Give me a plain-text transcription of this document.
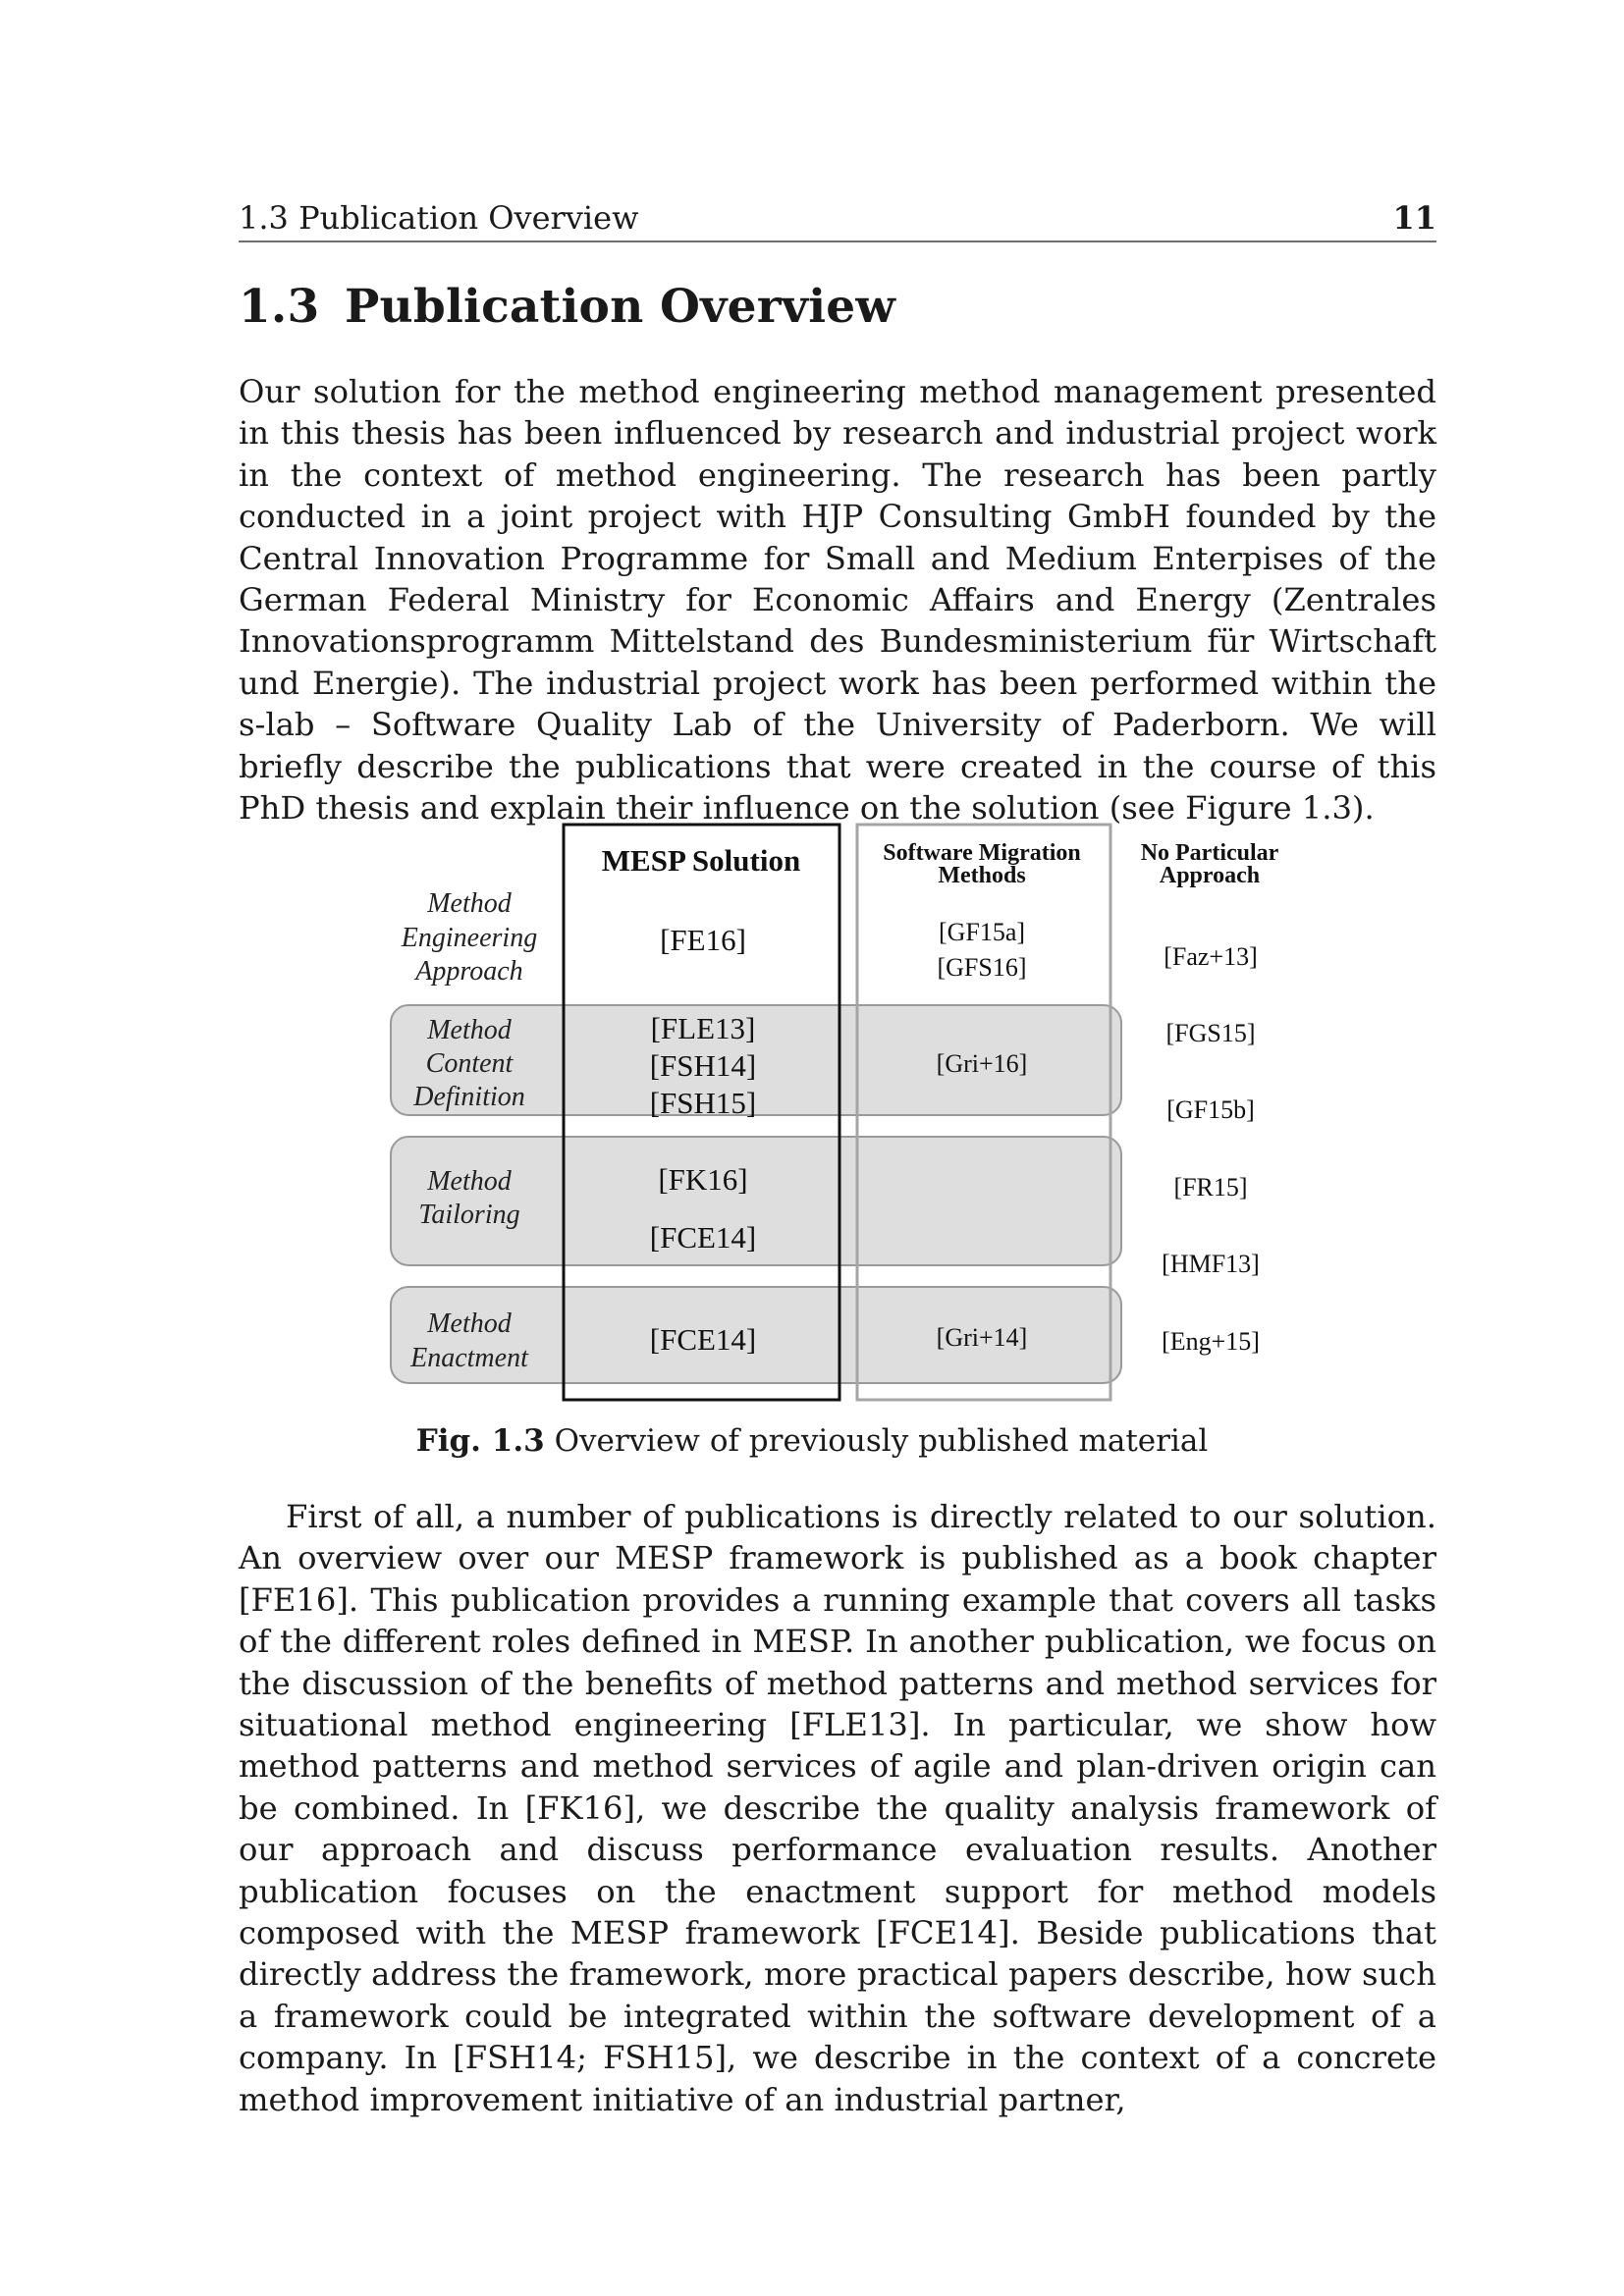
1.3 Publication Overview	11
1.3 Publication Overview

Our solution for the method engineering method management presented in this thesis has been influenced by research and industrial project work in the context of method engineering. The research has been partly conducted in a joint project with HJP Consulting GmbH founded by the Central Innovation Programme for Small and Medium Enterpises of the German Federal Ministry for Economic Affairs and Energy (Zentrales Innovationsprogramm Mittelstand des Bundesministerium für Wirtschaft und Energie). The industrial project work has been performed within the s-lab – Software Quality Lab of the University of Paderborn. We will briefly describe the publications that were created in the course of this PhD thesis and explain their influence on the solution (see Figure 1.3).

MESP Solution	Software Migration
Methods
No Particular
Approach
Method
Engineering
Approach
Method
Content
Definition
Method
Tailoring
Method
Enactment
[FE16]
[FLE13]
[FSH14]
[FSH15]
[FK16]
[FCE14]
[FCE14]
[GF15a]
[GFS16]
[Gri+16]
[Gri+14]
[Faz+13]
[FGS15]
[GF15b]
[FR15]
[HMF13]
[Eng+15]
Fig. 1.3 Overview of previously published material

First of all, a number of publications is directly related to our solution. An overview over our MESP framework is published as a book chapter [FE16]. This publication provides a running example that covers all tasks of the different roles defined in MESP. In another publication, we focus on the discussion of the benefits of method patterns and method services for situational method engineering [FLE13]. In particular, we show how method patterns and method services of agile and plan-driven origin can be combined. In [FK16], we describe the quality analysis framework of our approach and discuss performance evaluation results. Another publication focuses on the enactment support for method models composed with the MESP framework [FCE14]. Beside publications that directly address the framework, more practical papers describe, how such a framework could be integrated within the software development of a company. In [FSH14; FSH15], we describe in the context of a concrete method improvement initiative of an industrial partner,
